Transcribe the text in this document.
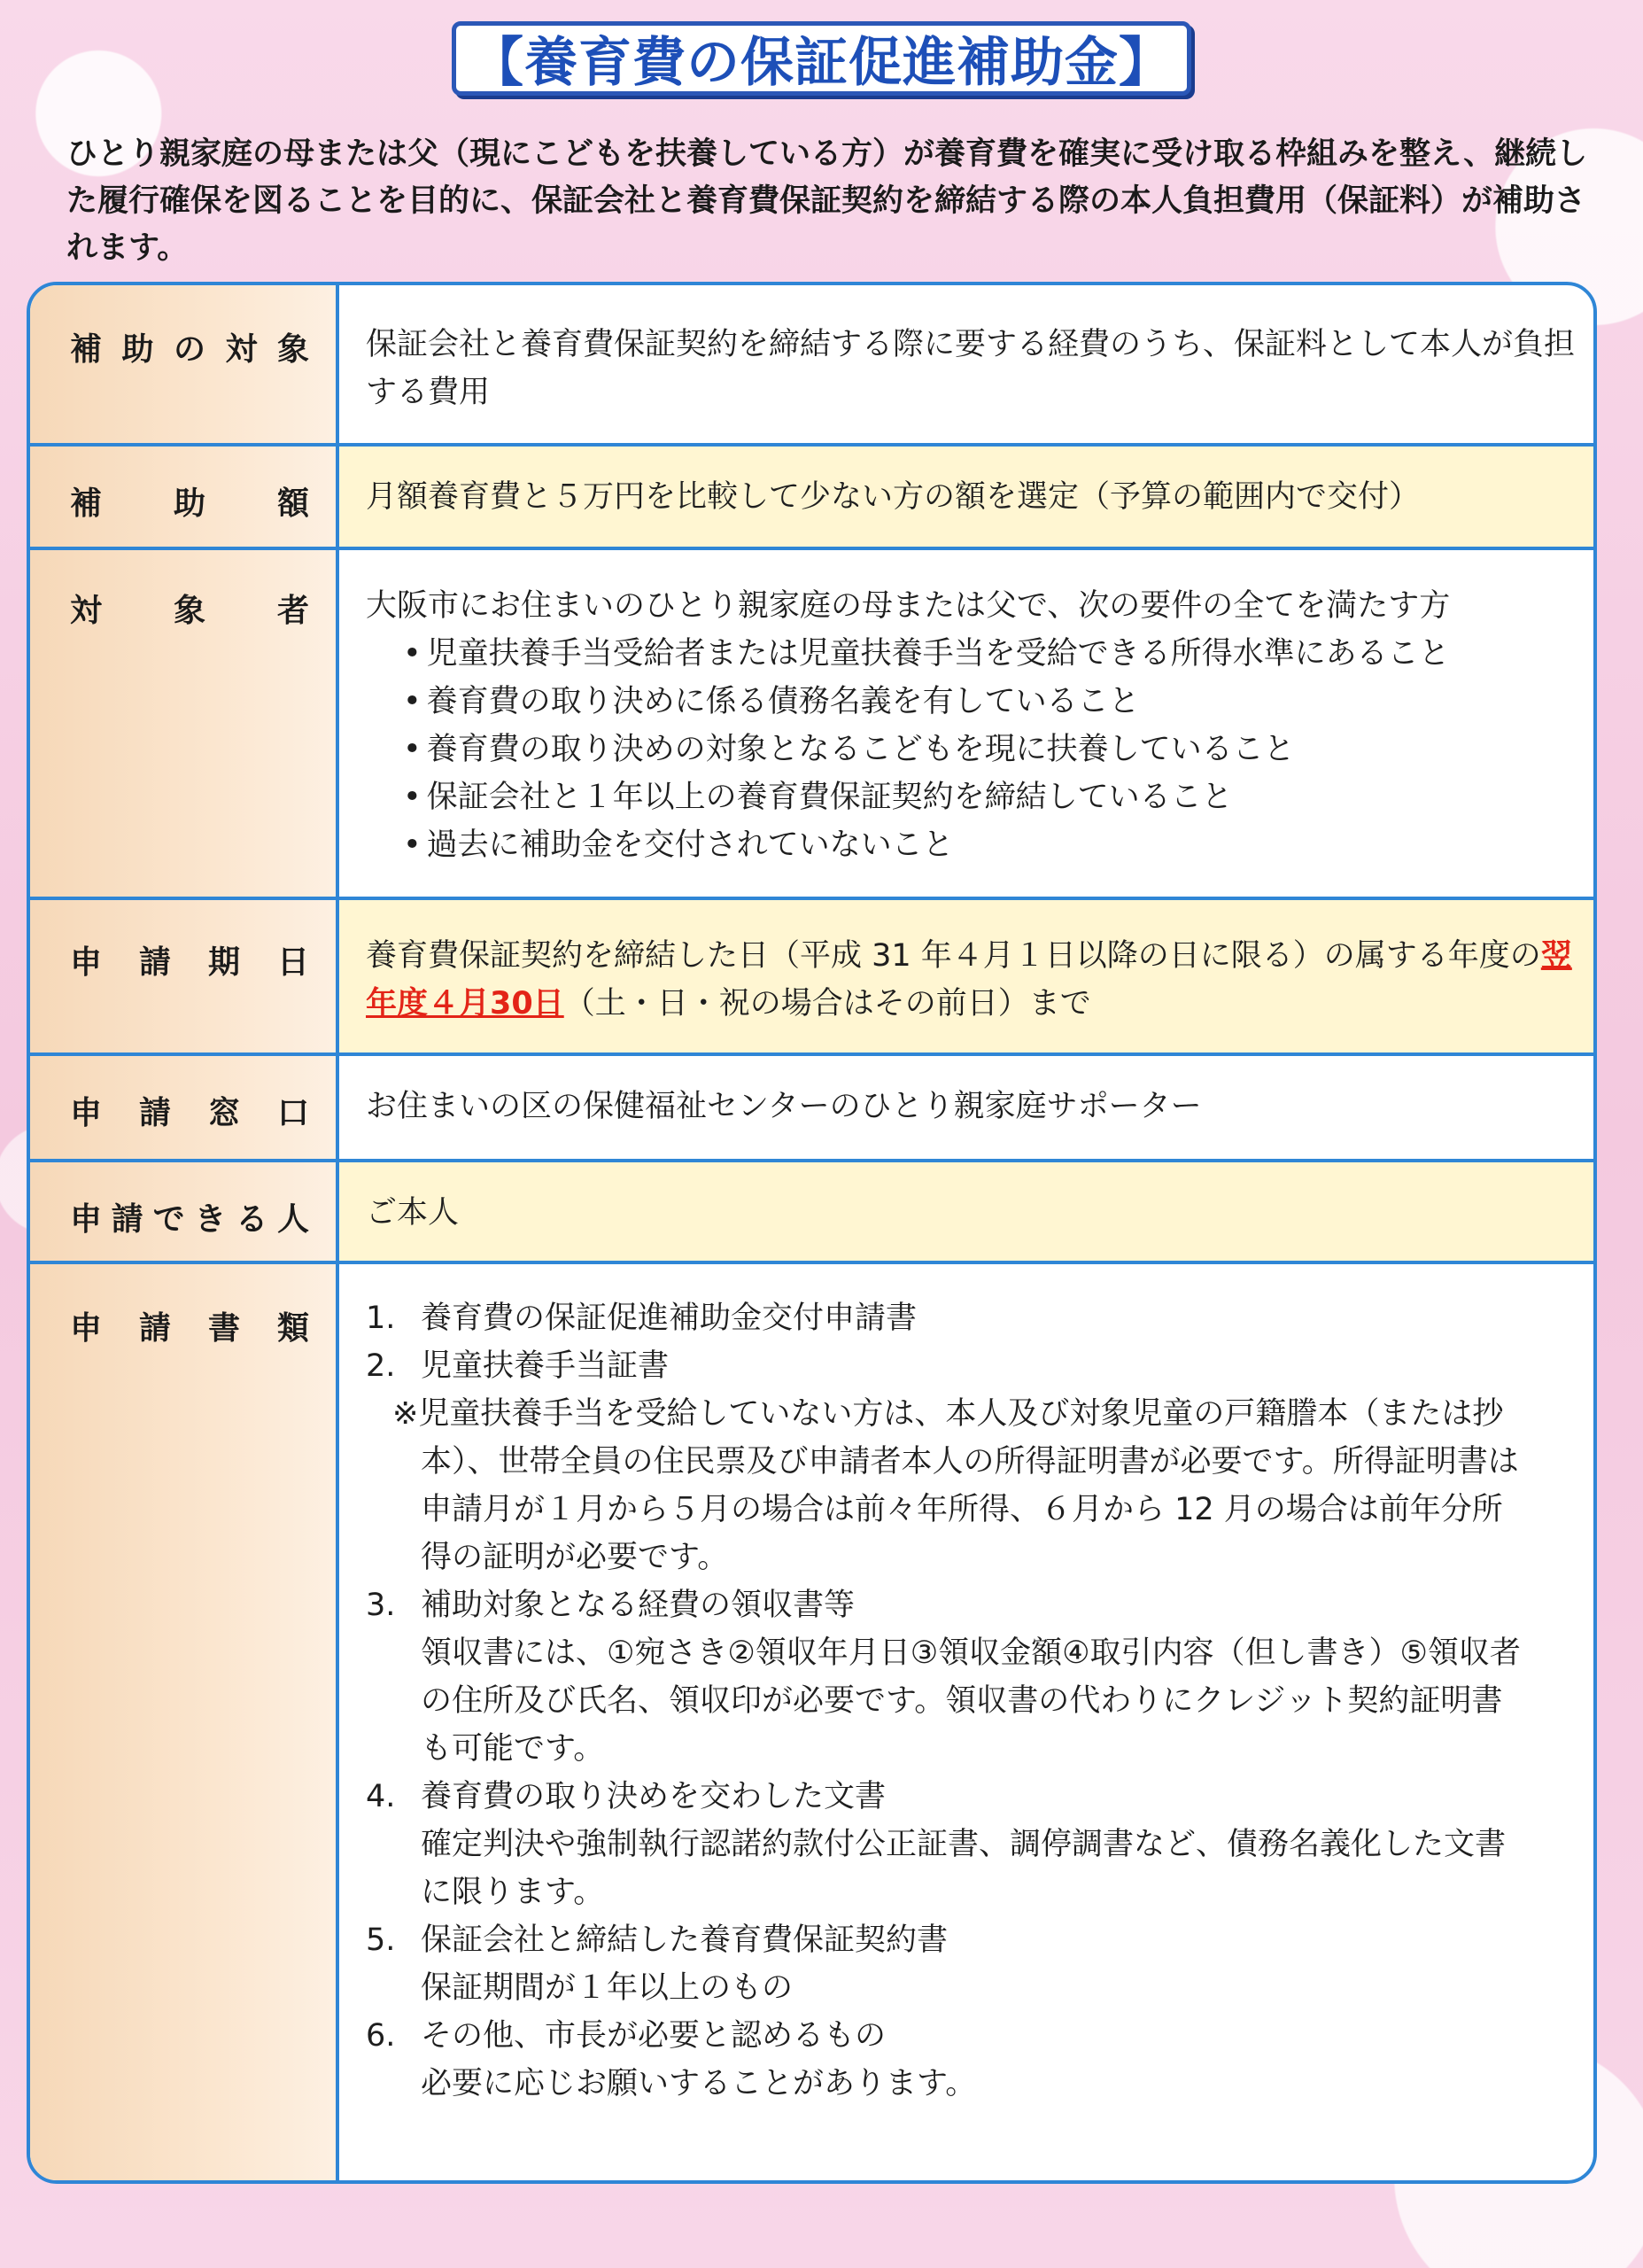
【養育費の保証促進補助金】

ひとり親家庭の母または父（現にこどもを扶養している方）が養育費を確実に受け取る枠組みを整え、継続した履行確保を図ることを目的に、保証会社と養育費保証契約を締結する際の本人負担費用（保証料）が補助されます。

補 助 の 対 象 保証会社と養育費保証契約を締結する際に要する経費のうち、保証料として本人が負担する費用

補 助 額 月額養育費と５万円を比較して少ない方の額を選定（予算の範囲内で交付）

対 象 者 大阪市にお住まいのひとり親家庭の母または父で、次の要件の全てを満たす方

• 児童扶養手当受給者または児童扶養手当を受給できる所得水準にあること
• 養育費の取り決めに係る債務名義を有していること
• 養育費の取り決めの対象となるこどもを現に扶養していること
• 保証会社と１年以上の養育費保証契約を締結していること
• 過去に補助金を交付されていないこと
申 請 期 日 養育費保証契約を締結した日（平成 31 年４月１日以降の日に限る）の属する年度の翌年度４月30日（土・日・祝の場合はその前日）まで

申 請 窓 口 お住まいの区の保健福祉センターのひとり親家庭サポーター

申 請 で き る 人 ご本人

申 請 書 類 1. 養育費の保証促進補助金交付申請書
2. 児童扶養手当証書
※児童扶養手当を受給していない方は、本人及び対象児童の戸籍謄本（または抄本）、世帯全員の住民票及び申請者本人の所得証明書が必要です。所得証明書は申請月が１月から５月の場合は前々年所得、６月から 12 月の場合は前年分所得の証明が必要です。
3. 補助対象となる経費の領収書等
領収書には、①宛さき②領収年月日③領収金額④取引内容（但し書き）⑤領収者の住所及び氏名、領収印が必要です。領収書の代わりにクレジット契約証明書も可能です。
4. 養育費の取り決めを交わした文書
確定判決や強制執行認諾約款付公正証書、調停調書など、債務名義化した文書に限ります。
5. 保証会社と締結した養育費保証契約書
保証期間が１年以上のもの
6. その他、市長が必要と認めるもの
必要に応じお願いすることがあります。
